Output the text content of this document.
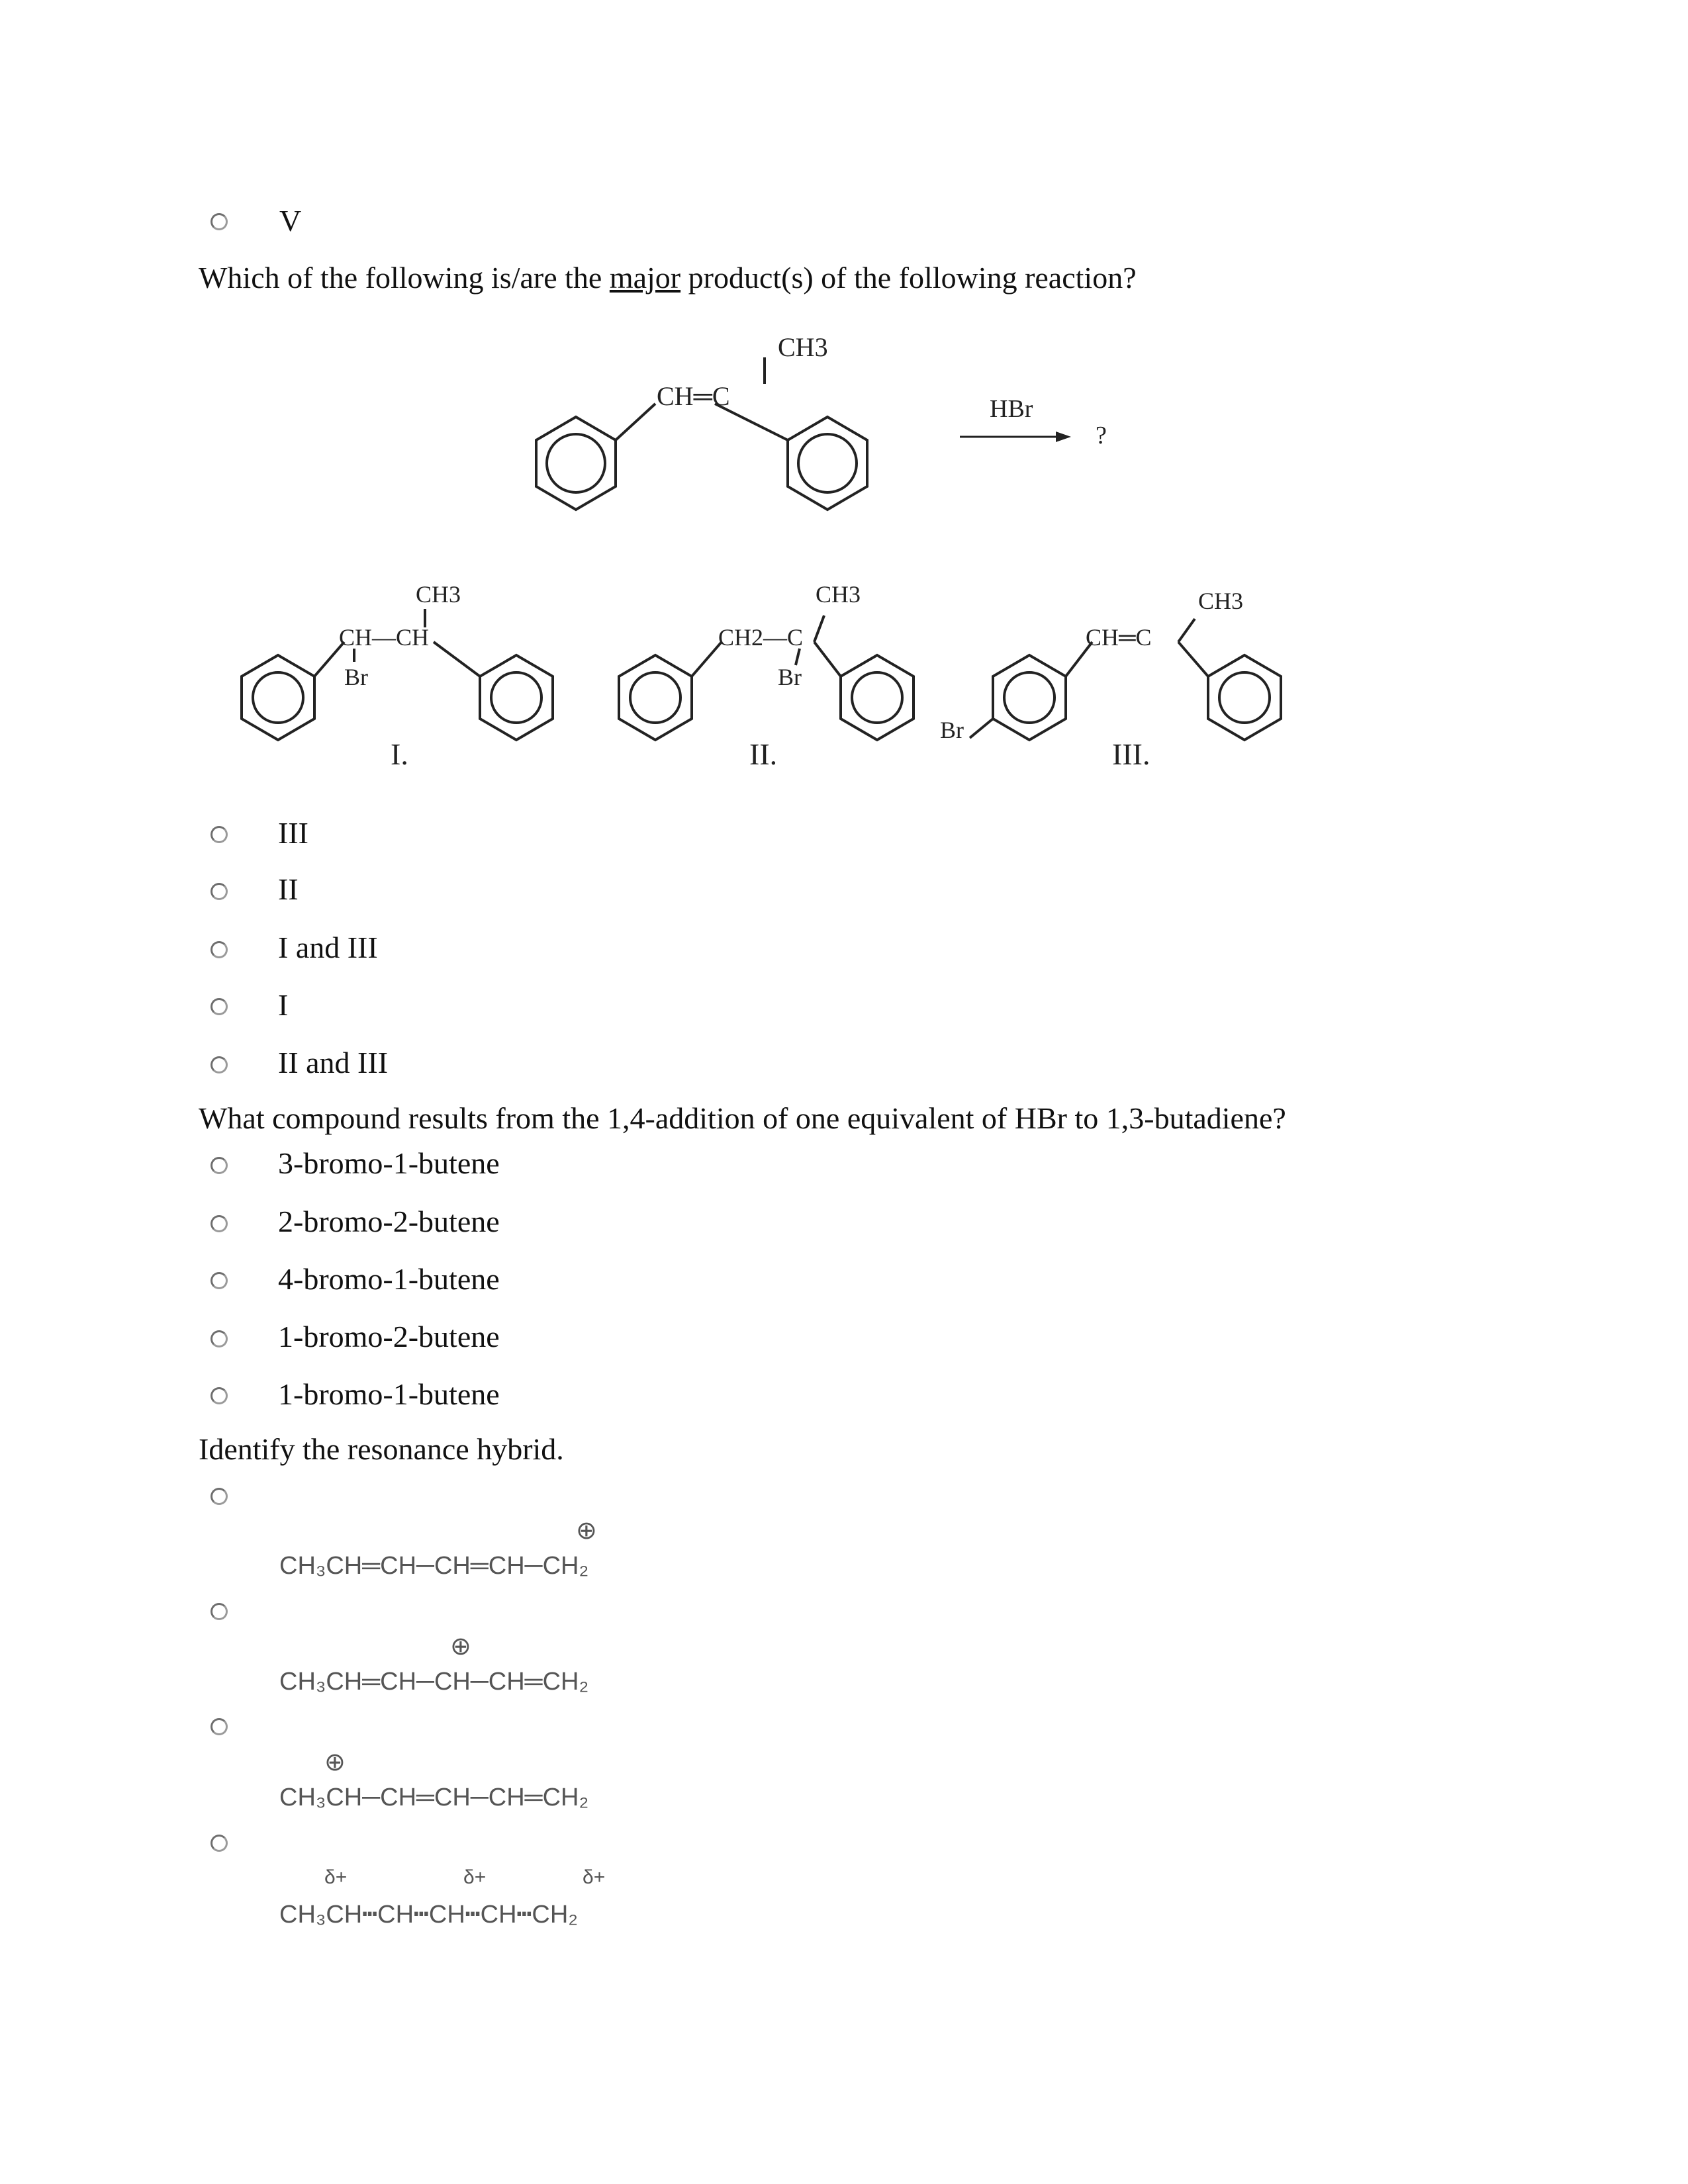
V
Which of the following is/are the major product(s) of the following reaction?
CH3
CH═C	HBr
?
CH3
CH—CH
Br
I.
CH3
CH2—C
Br
II.
CH3
CH═C
Br
III.
III
II
I and III
I
II and III
What compound results from the 1,4-addition of one equivalent of HBr to 1,3-butadiene?
3-bromo-1-butene
2-bromo-2-butene
4-bromo-1-butene
1-bromo-2-butene
1-bromo-1-butene
Identify the resonance hybrid.
⊕
CH₃CH═CH─CH═CH─CH₂
⊕
CH₃CH═CH─CH─CH═CH₂
⊕
CH₃CH─CH═CH─CH═CH₂
δ+	δ+	δ+
CH₃CH┅CH┅CH┅CH┅CH₂
